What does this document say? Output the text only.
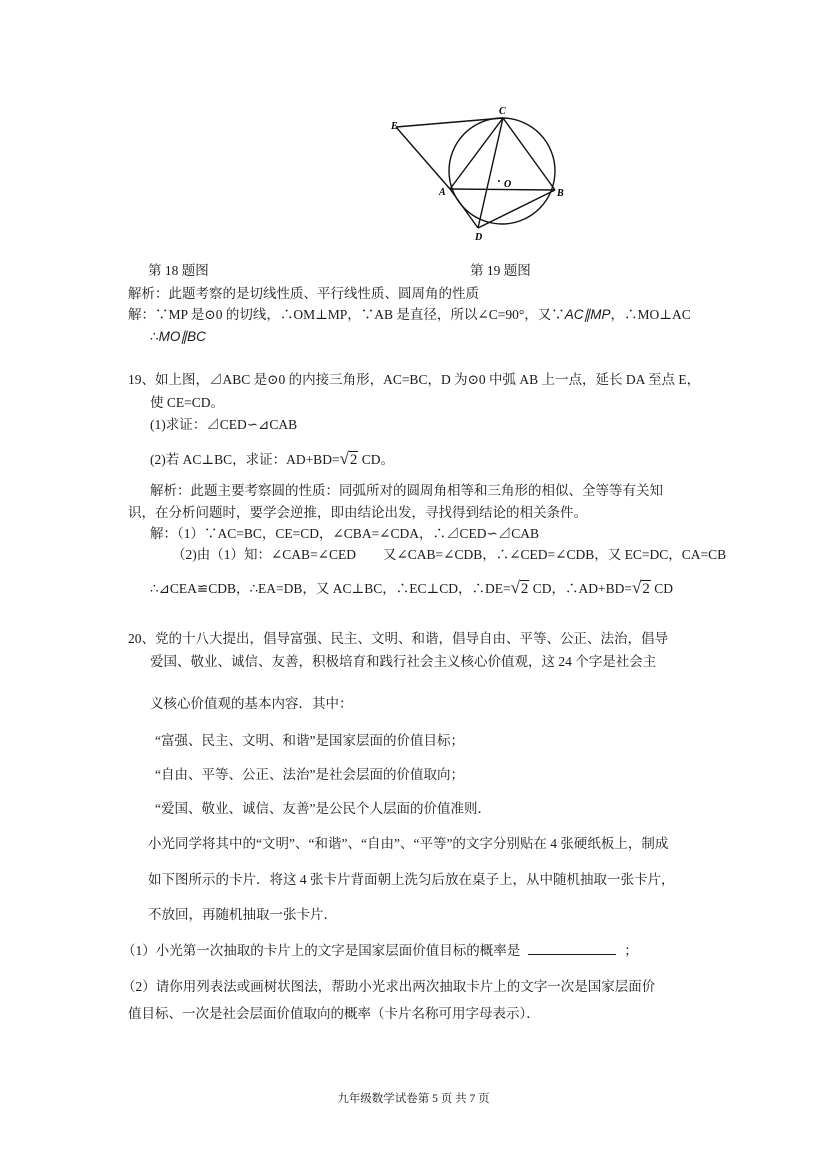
E
C
A	B
D
O
第 18 题图	第 19 题图
解析：此题考察的是切线性质、平行线性质、圆周角的性质
解：∵MP 是⊙0 的切线，∴OM⊥MP，∵AB 是直径，所以∠C=90°，又∵AC∥MP，∴MO⊥AC
∴MO∥BC
19、如上图，⊿ABC 是⊙0 的内接三角形，AC=BC，D 为⊙0 中弧 AB 上一点，延长 DA 至点 E，
使 CE=CD。
(1)求证：⊿CED∽⊿CAB
(2)若 AC⊥BC，求证：AD+BD=√2 CD。
解析：此题主要考察圆的性质：同弧所对的圆周角相等和三角形的相似、全等等有关知
识，在分析问题时，要学会逆推，即由结论出发，寻找得到结论的相关条件。
解：（1）∵AC=BC，CE=CD，∠CBA=∠CDA，∴⊿CED∽⊿CAB
（2)由（1）知：∠CAB=∠CED　　又∠CAB=∠CDB，∴∠CED=∠CDB，又 EC=DC，CA=CB
∴⊿CEA≌CDB，∴EA=DB，又 AC⊥BC，∴EC⊥CD，∴DE=√2 CD，∴AD+BD=√2 CD
20、党的十八大提出，倡导富强、民主、文明、和谐，倡导自由、平等、公正、法治，倡导
爱国、敬业、诚信、友善，积极培育和践行社会主义核心价值观，这 24 个字是社会主
义核心价值观的基本内容．其中：
“富强、民主、文明、和谐”是国家层面的价值目标；
“自由、平等、公正、法治”是社会层面的价值取向；
“爱国、敬业、诚信、友善”是公民个人层面的价值准则．
小光同学将其中的“文明”、“和谐”、“自由”、“平等”的文字分别贴在 4 张硬纸板上，制成
如下图所示的卡片．将这 4 张卡片背面朝上洗匀后放在桌子上，从中随机抽取一张卡片，
不放回，再随机抽取一张卡片．
（1）小光第一次抽取的卡片上的文字是国家层面价值目标的概率是	；
（2）请你用列表法或画树状图法，帮助小光求出两次抽取卡片上的文字一次是国家层面价
值目标、一次是社会层面价值取向的概率（卡片名称可用字母表示）．
九年级数学试卷第 5 页 共 7 页
